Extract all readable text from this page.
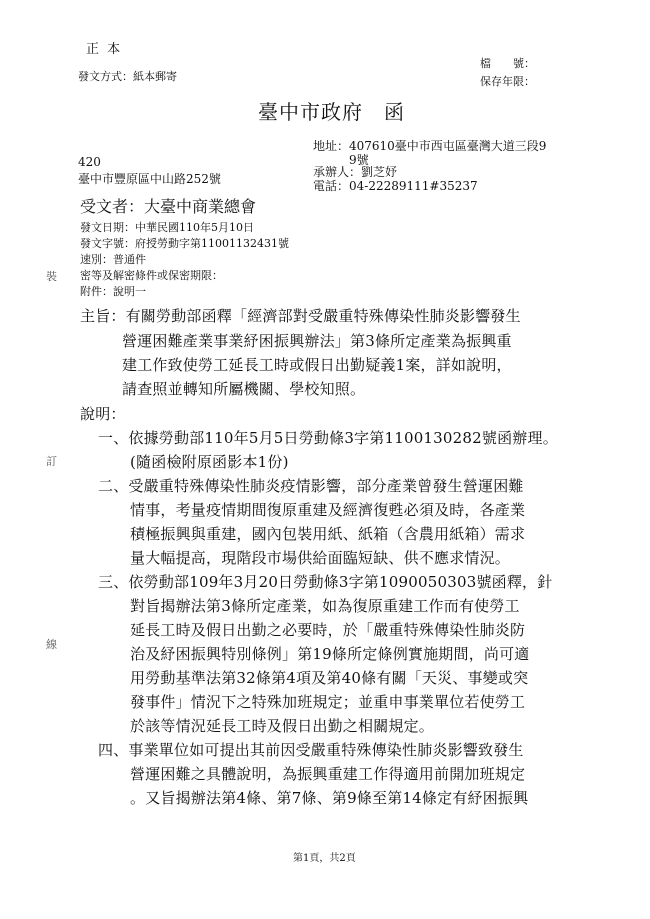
正 本
發文方式：紙本郵寄
檔　　號：
保存年限：
臺中市政府　函
地址：407610臺中市西屯區臺灣大道三段9
9號
承辦人：劉芝妤
電話：04-22289111#35237
420
臺中市豐原區中山路252號
受文者：大臺中商業總會
發文日期：中華民國110年5月10日
發文字號：府授勞動字第11001132431號
速別：普通件
密等及解密條件或保密期限：
附件：說明一
裝
訂
線
主旨：有關勞動部函釋「經濟部對受嚴重特殊傳染性肺炎影響發生
營運困難產業事業紓困振興辦法」第3條所定產業為振興重
建工作致使勞工延長工時或假日出勤疑義1案，詳如說明，
請查照並轉知所屬機關、學校知照。
說明：
一、依據勞動部110年5月5日勞動條3字第1100130282號函辦理。
(隨函檢附原函影本1份)
二、受嚴重特殊傳染性肺炎疫情影響，部分產業曾發生營運困難
情事，考量疫情期間復原重建及經濟復甦必須及時，各產業
積極振興與重建，國內包裝用紙、紙箱（含農用紙箱）需求
量大幅提高，現階段市場供給面臨短缺、供不應求情況。
三、依勞動部109年3月20日勞動條3字第1090050303號函釋，針
對旨揭辦法第3條所定產業，如為復原重建工作而有使勞工
延長工時及假日出勤之必要時，於「嚴重特殊傳染性肺炎防
治及紓困振興特別條例」第19條所定條例實施期間，尚可適
用勞動基準法第32條第4項及第40條有關「天災、事變或突
發事件」情況下之特殊加班規定；並重申事業單位若使勞工
於該等情況延長工時及假日出勤之相關規定。
四、事業單位如可提出其前因受嚴重特殊傳染性肺炎影響致發生
營運困難之具體說明，為振興重建工作得適用前開加班規定
。又旨揭辦法第4條、第7條、第9條至第14條定有紓困振興
第1頁，共2頁
